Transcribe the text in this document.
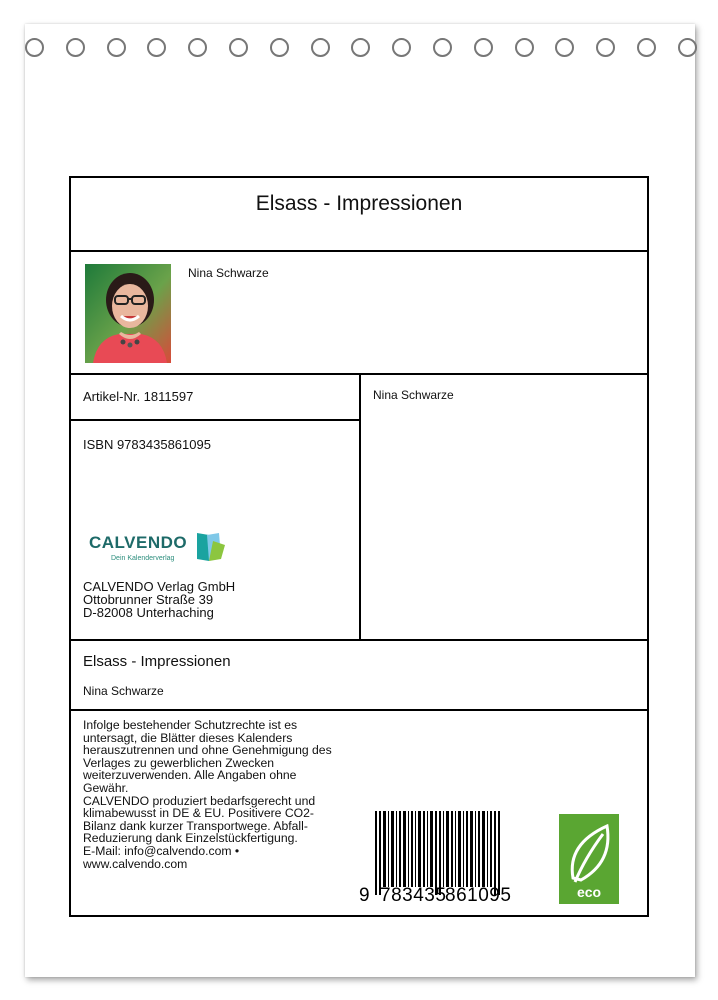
Elsass - Impressionen
Nina Schwarze
Artikel-Nr. 1811597	Nina Schwarze
ISBN 9783435861095
CALVENDO
Dein Kalenderverlag
CALVENDO Verlag GmbH
Ottobrunner Straße 39
D-82008 Unterhaching
Elsass - Impressionen
Nina Schwarze
Infolge bestehender Schutzrechte ist es
untersagt, die Blätter dieses Kalenders
herauszutrennen und ohne Genehmigung des
Verlages zu gewerblichen Zwecken
weiterzuverwenden. Alle Angaben ohne
Gewähr.
CALVENDO produziert bedarfsgerecht und
klimabewusst in DE & EU. Positivere CO2-
Bilanz dank kurzer Transportwege. Abfall-
Reduzierung dank Einzelstückfertigung.
E-Mail: info@calvendo.com •
www.calvendo.com
9 783435
861095	eco
